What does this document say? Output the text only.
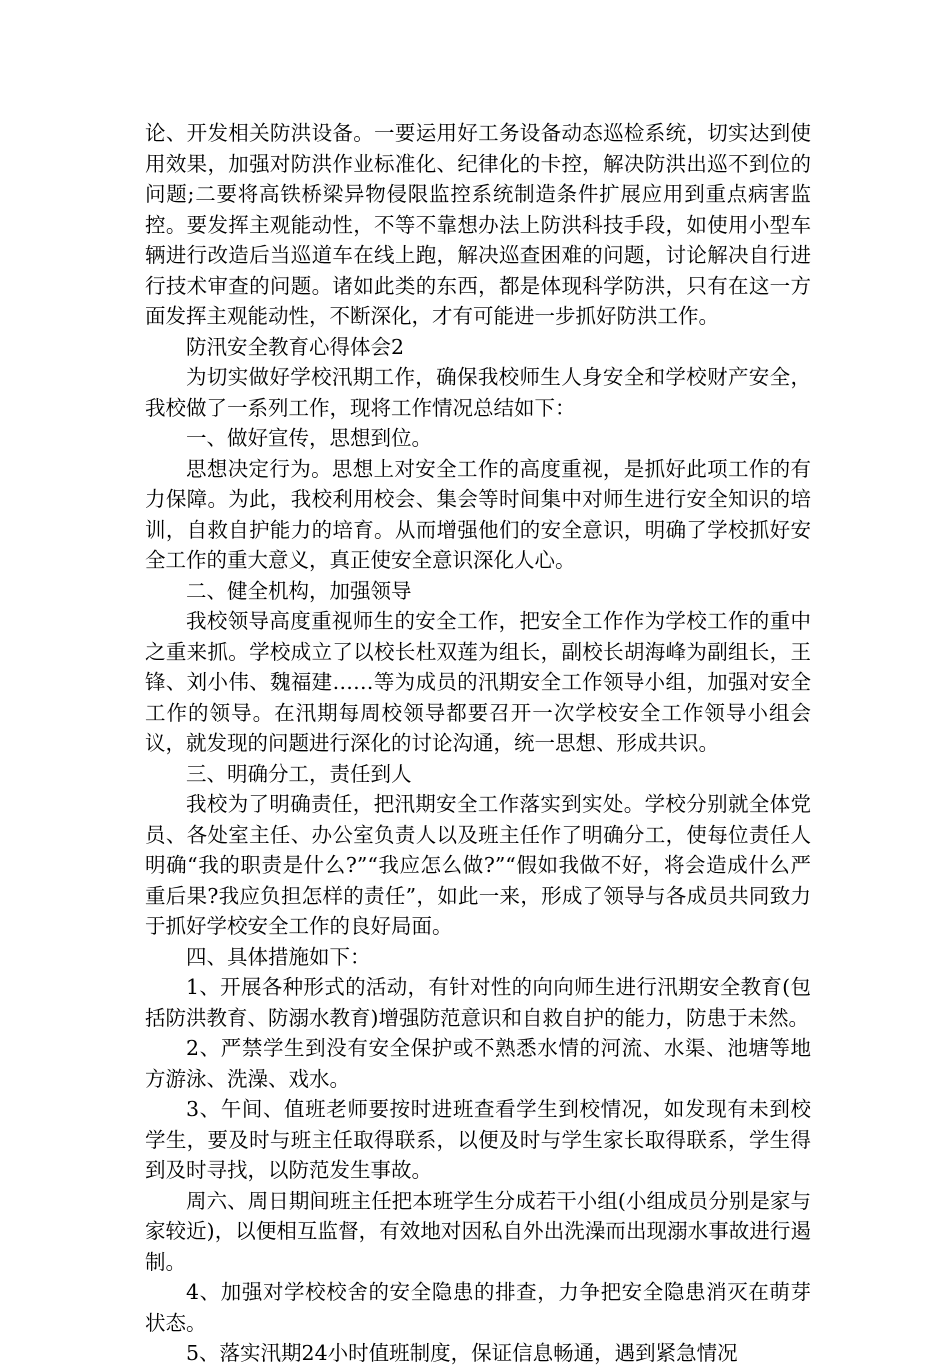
论、开发相关防洪设备。一要运用好工务设备动态巡检系统，切实达到使用效果，加强对防洪作业标准化、纪律化的卡控，解决防洪出巡不到位的问题;二要将高铁桥梁异物侵限监控系统制造条件扩展应用到重点病害监控。要发挥主观能动性，不等不靠想办法上防洪科技手段，如使用小型车辆进行改造后当巡道车在线上跑，解决巡查困难的问题，讨论解决自行进行技术审查的问题。诸如此类的东西，都是体现科学防洪，只有在这一方面发挥主观能动性，不断深化，才有可能进一步抓好防洪工作。

防汛安全教育心得体会2

为切实做好学校汛期工作，确保我校师生人身安全和学校财产安全，我校做了一系列工作，现将工作情况总结如下：

一、做好宣传，思想到位。

思想决定行为。思想上对安全工作的高度重视，是抓好此项工作的有力保障。为此，我校利用校会、集会等时间集中对师生进行安全知识的培训，自救自护能力的培育。从而增强他们的安全意识，明确了学校抓好安全工作的重大意义，真正使安全意识深化人心。

二、健全机构，加强领导

我校领导高度重视师生的安全工作，把安全工作作为学校工作的重中之重来抓。学校成立了以校长杜双莲为组长，副校长胡海峰为副组长，王锋、刘小伟、魏福建……等为成员的汛期安全工作领导小组，加强对安全工作的领导。在汛期每周校领导都要召开一次学校安全工作领导小组会议，就发现的问题进行深化的讨论沟通，统一思想、形成共识。

三、明确分工，责任到人

我校为了明确责任，把汛期安全工作落实到实处。学校分别就全体党员、各处室主任、办公室负责人以及班主任作了明确分工，使每位责任人明确“我的职责是什么?”“我应怎么做?”“假如我做不好，将会造成什么严重后果?我应负担怎样的责任”，如此一来，形成了领导与各成员共同致力于抓好学校安全工作的良好局面。

四、具体措施如下：

1、开展各种形式的活动，有针对性的向向师生进行汛期安全教育(包括防洪教育、防溺水教育)增强防范意识和自救自护的能力，防患于未然。

2、严禁学生到没有安全保护或不熟悉水情的河流、水渠、池塘等地方游泳、洗澡、戏水。

3、午间、值班老师要按时进班查看学生到校情况，如发现有未到校学生，要及时与班主任取得联系，以便及时与学生家长取得联系，学生得到及时寻找，以防范发生事故。

周六、周日期间班主任把本班学生分成若干小组(小组成员分别是家与家较近)，以便相互监督，有效地对因私自外出洗澡而出现溺水事故进行遏制。

4、加强对学校校舍的安全隐患的排查，力争把安全隐患消灭在萌芽状态。

5、落实汛期24小时值班制度，保证信息畅通，遇到紧急情况
